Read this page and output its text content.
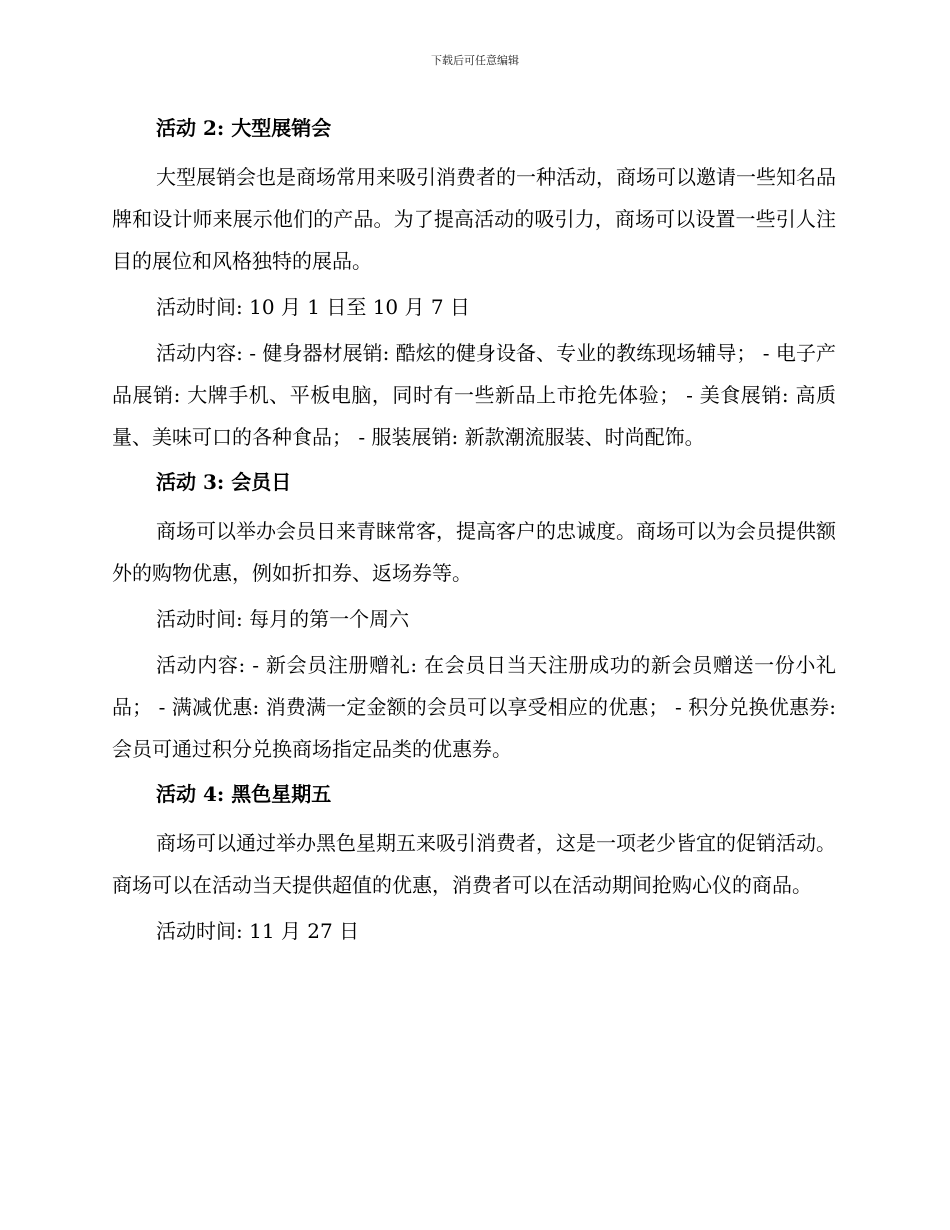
下载后可任意编辑
活动 2: 大型展销会

大型展销会也是商场常用来吸引消费者的一种活动，商场可以邀请一些知名品牌和设计师来展示他们的产品。为了提高活动的吸引力，商场可以设置一些引人注目的展位和风格独特的展品。

活动时间: 10 月 1 日至 10 月 7 日

活动内容: - 健身器材展销: 酷炫的健身设备、专业的教练现场辅导； - 电子产品展销: 大牌手机、平板电脑，同时有一些新品上市抢先体验； - 美食展销: 高质量、美味可口的各种食品； - 服装展销: 新款潮流服装、时尚配饰。

活动 3: 会员日

商场可以举办会员日来青睐常客，提高客户的忠诚度。商场可以为会员提供额外的购物优惠，例如折扣券、返场券等。

活动时间: 每月的第一个周六

活动内容: - 新会员注册赠礼: 在会员日当天注册成功的新会员赠送一份小礼品； - 满减优惠: 消费满一定金额的会员可以享受相应的优惠； - 积分兑换优惠券: 会员可通过积分兑换商场指定品类的优惠券。

活动 4: 黑色星期五

商场可以通过举办黑色星期五来吸引消费者，这是一项老少皆宜的促销活动。商场可以在活动当天提供超值的优惠，消费者可以在活动期间抢购心仪的商品。

活动时间: 11 月 27 日
